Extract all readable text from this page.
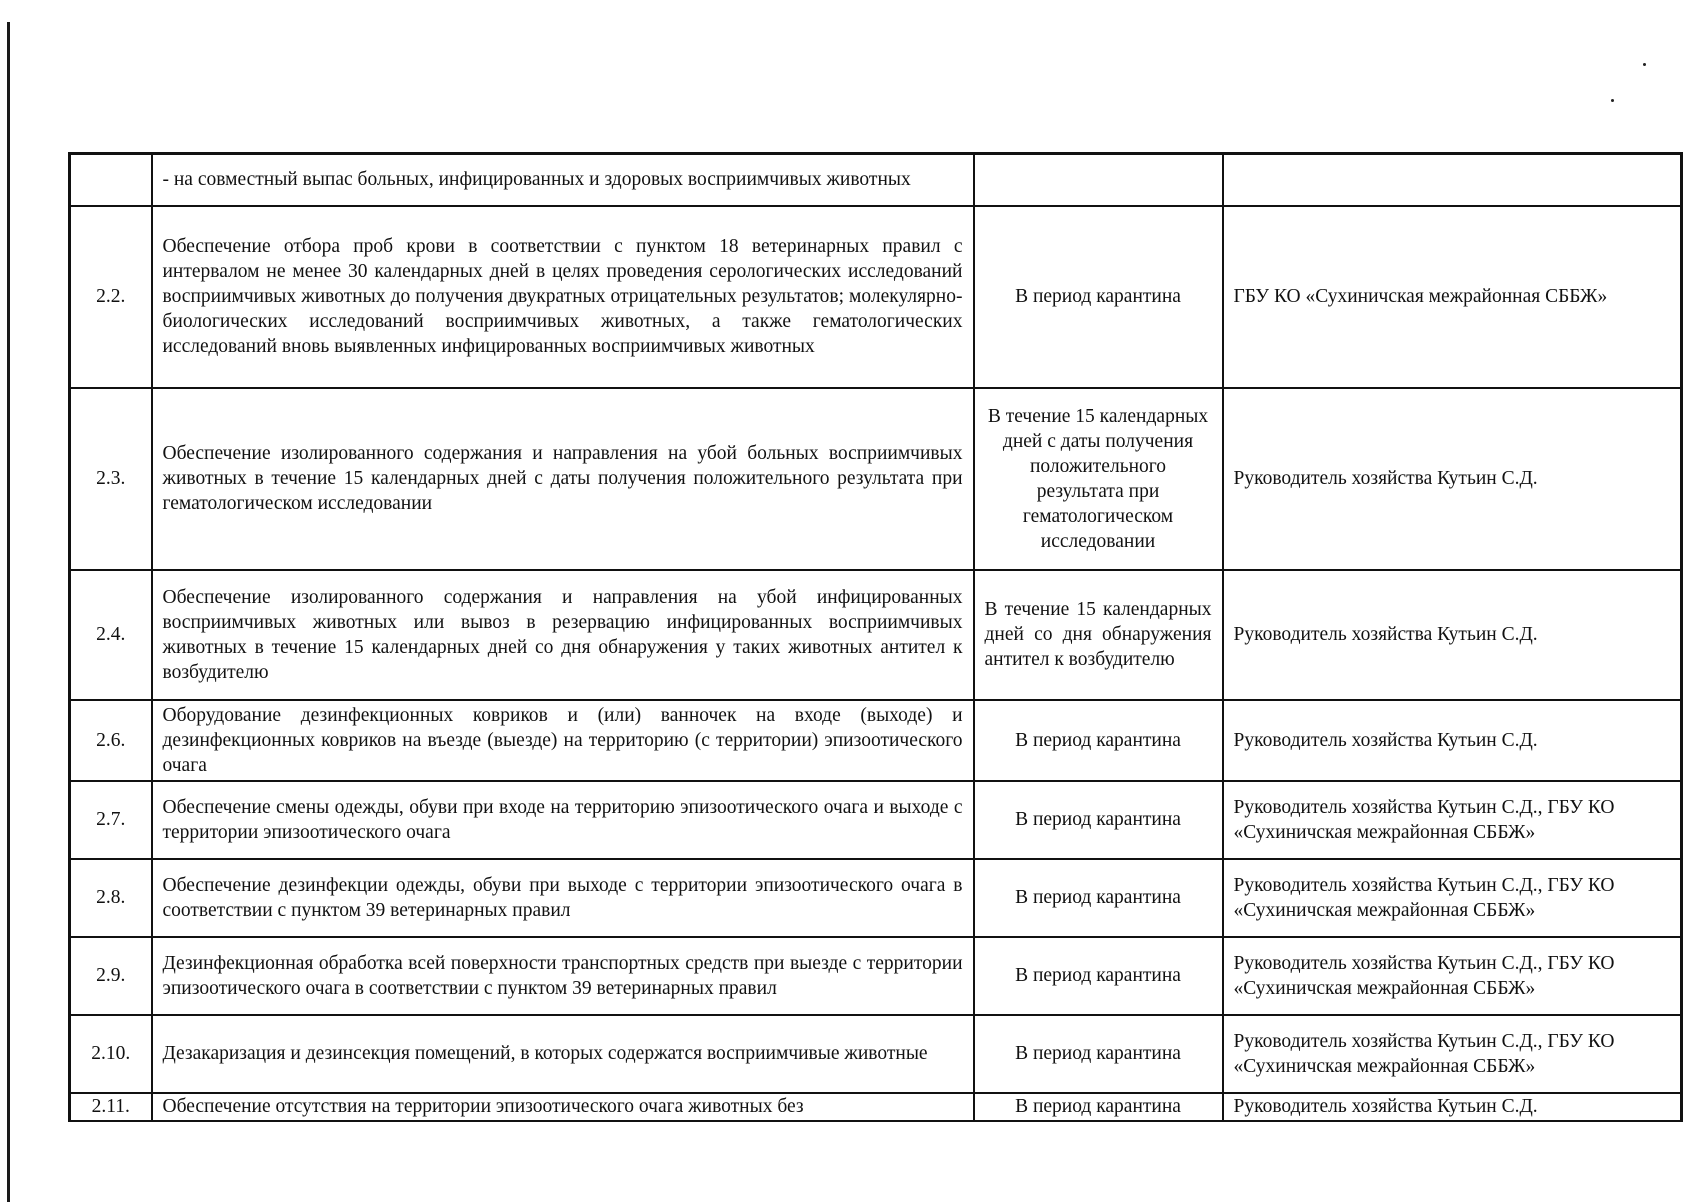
	- на совместный выпас больных, инфицированных и здоровых восприимчивых животных		
2.2.	Обеспечение отбора проб крови в соответствии с пунктом 18 ветеринарных правил с интервалом не менее 30 календарных дней в целях проведения серологических исследований восприимчивых животных до получения двукратных отрицательных результатов; молекулярно-биологических исследований восприимчивых животных, а также гематологических исследований вновь выявленных инфицированных восприимчивых животных	В период карантина	ГБУ КО «Сухиничская межрайонная СББЖ»
2.3.	Обеспечение изолированного содержания и направления на убой больных восприимчивых животных в течение 15 календарных дней с даты получения положительного результата при гематологическом исследовании	В течение 15 календарных дней с даты получения положительного результата при гематологическом исследовании	Руководитель хозяйства Кутьин С.Д.
2.4.	Обеспечение изолированного содержания и направления на убой инфицированных восприимчивых животных или вывоз в резервацию инфицированных восприимчивых животных в течение 15 календарных дней со дня обнаружения у таких животных антител к возбудителю	В течение 15 календарных дней со дня обнаружения антител к возбудителю	Руководитель хозяйства Кутьин С.Д.
2.6.	Оборудование дезинфекционных ковриков и (или) ванночек на входе (выходе) и дезинфекционных ковриков на въезде (выезде) на территорию (с территории) эпизоотического очага	В период карантина	Руководитель хозяйства Кутьин С.Д.
2.7.	Обеспечение смены одежды, обуви при входе на территорию эпизоотического очага и выходе с территории эпизоотического очага	В период карантина	Руководитель хозяйства Кутьин С.Д., ГБУ КО «Сухиничская межрайонная СББЖ»
2.8.	Обеспечение дезинфекции одежды, обуви при выходе с территории эпизоотического очага в соответствии с пунктом 39 ветеринарных правил	В период карантина	Руководитель хозяйства Кутьин С.Д., ГБУ КО «Сухиничская межрайонная СББЖ»
2.9.	Дезинфекционная обработка всей поверхности транспортных средств при выезде с территории эпизоотического очага в соответствии с пунктом 39 ветеринарных правил	В период карантина	Руководитель хозяйства Кутьин С.Д., ГБУ КО «Сухиничская межрайонная СББЖ»
2.10.	Дезакаризация и дезинсекция помещений, в которых содержатся восприимчивые животные	В период карантина	Руководитель хозяйства Кутьин С.Д., ГБУ КО «Сухиничская межрайонная СББЖ»
2.11.	Обеспечение отсутствия на территории эпизоотического очага животных без	В период карантина	Руководитель хозяйства Кутьин С.Д.
